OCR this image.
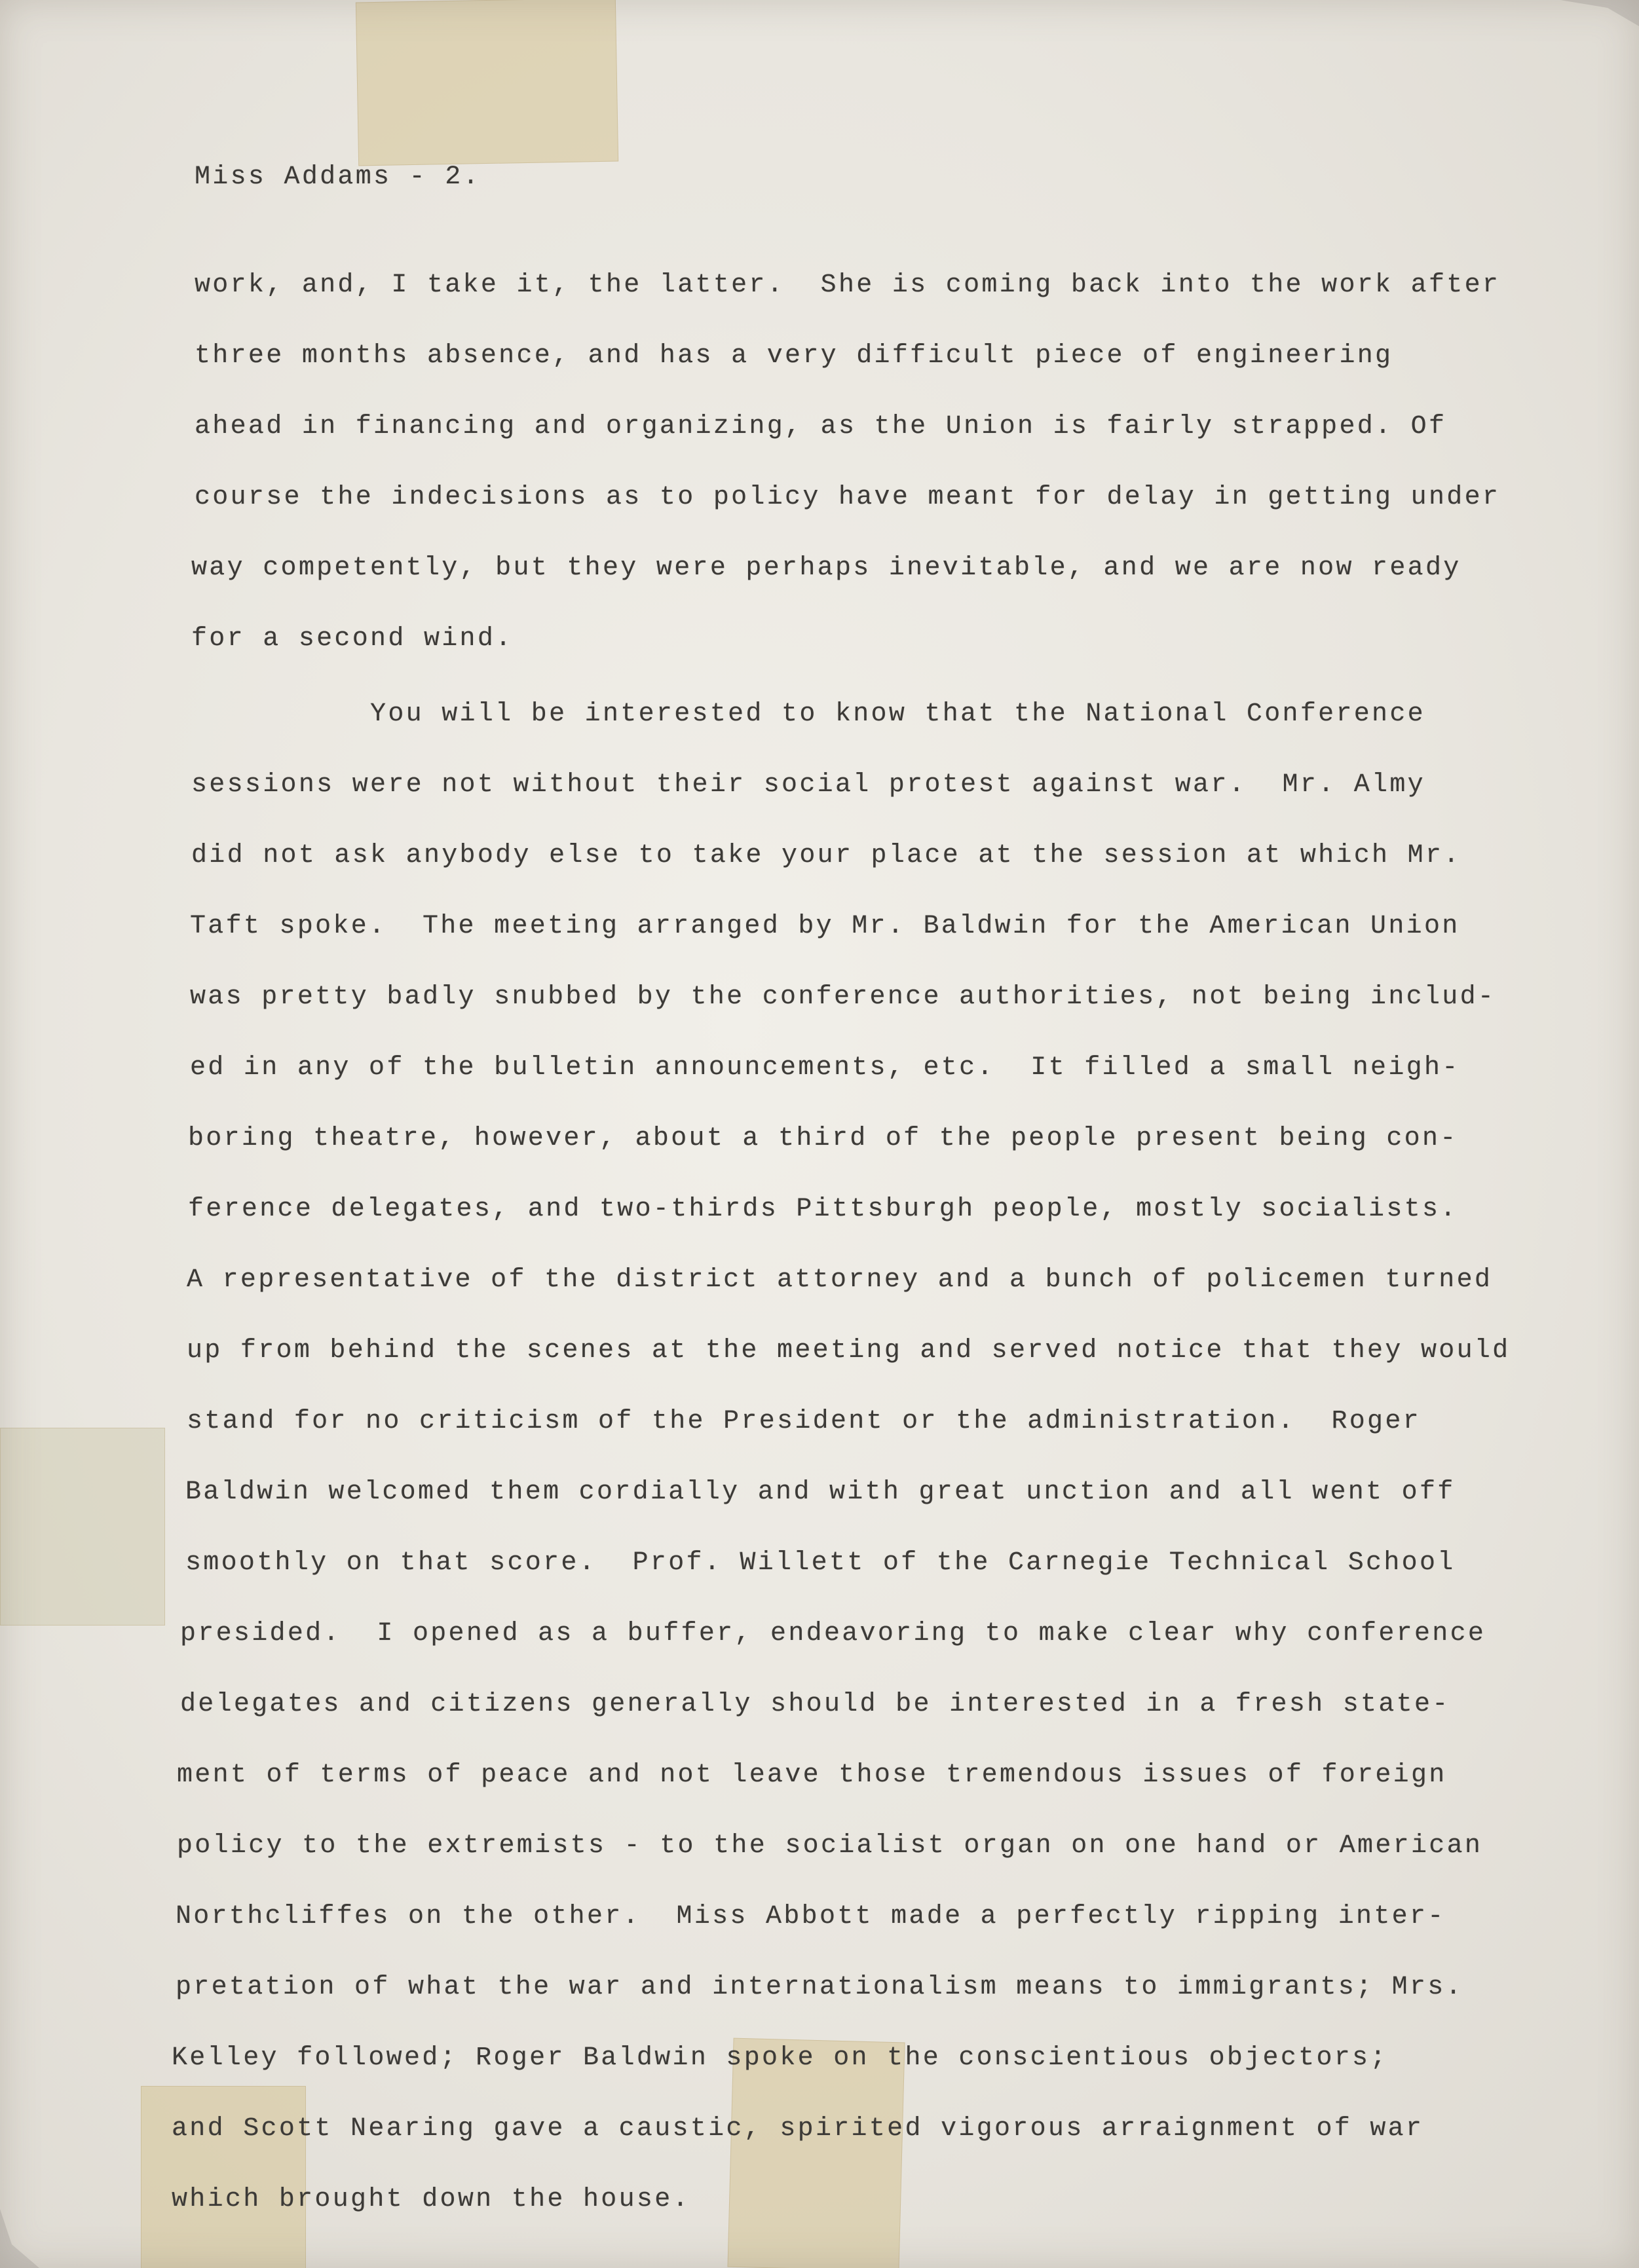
Miss Addams - 2.
work, and, I take it, the latter.  She is coming back into the work after
three months absence, and has a very difficult piece of engineering
ahead in financing and organizing, as the Union is fairly strapped. Of
course the indecisions as to policy have meant for delay in getting under
way competently, but they were perhaps inevitable, and we are now ready
for a second wind.
You will be interested to know that the National Conference
sessions were not without their social protest against war.  Mr. Almy
did not ask anybody else to take your place at the session at which Mr.
Taft spoke.  The meeting arranged by Mr. Baldwin for the American Union
was pretty badly snubbed by the conference authorities, not being includ-
ed in any of the bulletin announcements, etc.  It filled a small neigh-
boring theatre, however, about a third of the people present being con-
ference delegates, and two-thirds Pittsburgh people, mostly socialists.
A representative of the district attorney and a bunch of policemen turned
up from behind the scenes at the meeting and served notice that they would
stand for no criticism of the President or the administration.  Roger
Baldwin welcomed them cordially and with great unction and all went off
smoothly on that score.  Prof. Willett of the Carnegie Technical School
presided.  I opened as a buffer, endeavoring to make clear why conference
delegates and citizens generally should be interested in a fresh state-
ment of terms of peace and not leave those tremendous issues of foreign
policy to the extremists - to the socialist organ on one hand or American
Northcliffes on the other.  Miss Abbott made a perfectly ripping inter-
pretation of what the war and internationalism means to immigrants; Mrs.
Kelley followed; Roger Baldwin spoke on the conscientious objectors;
and Scott Nearing gave a caustic, spirited vigorous arraignment of war
which brought down the house.
